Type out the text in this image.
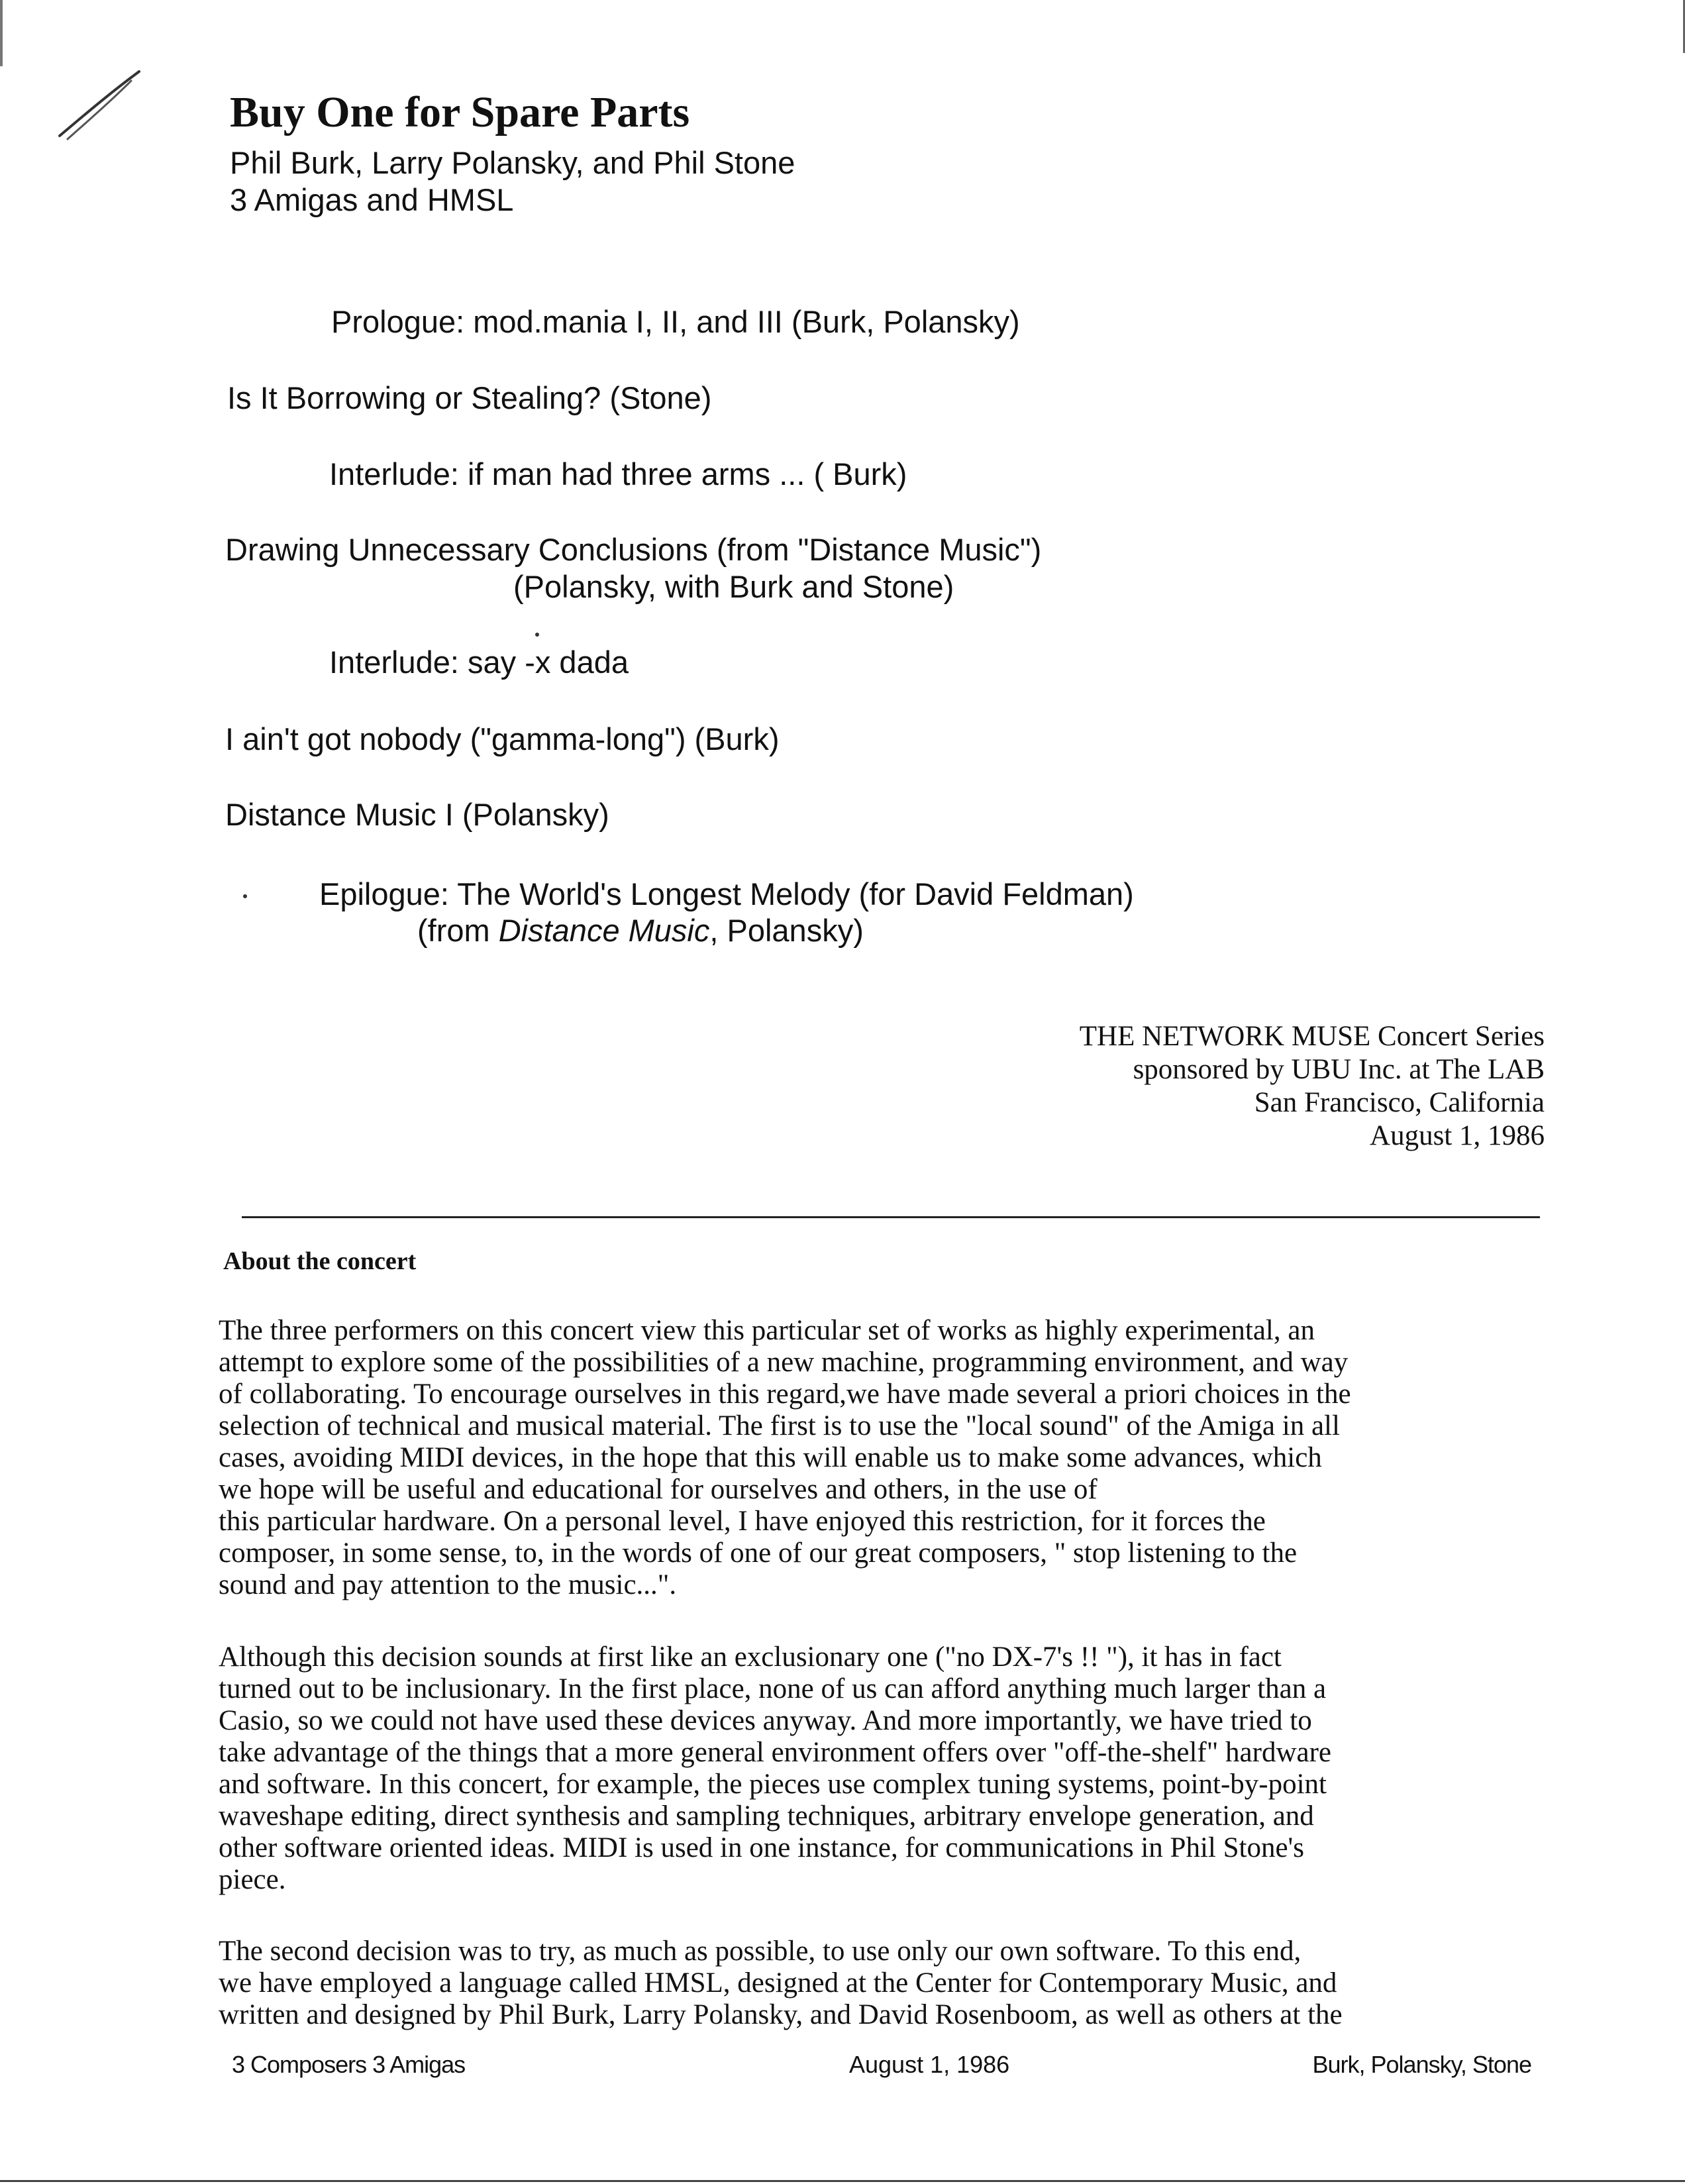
Buy One for Spare Parts
Phil Burk, Larry Polansky, and Phil Stone
3 Amigas and HMSL
Prologue: mod.mania I, II, and III (Burk, Polansky)
Is It Borrowing or Stealing? (Stone)
Interlude: if man had three arms ... ( Burk)
Drawing Unnecessary Conclusions (from "Distance Music")
(Polansky, with Burk and Stone)
Interlude: say -x dada
I ain't got nobody ("gamma-long") (Burk)
Distance Music I (Polansky)
Epilogue: The World's Longest Melody (for David Feldman)
(from Distance Music, Polansky)
THE NETWORK MUSE Concert Series
sponsored by UBU Inc. at The LAB
San Francisco, California
August 1, 1986
About the concert
The three performers on this concert view this particular set of works as highly experimental, an
attempt to explore some of the possibilities of a new machine, programming environment, and way
of collaborating. To encourage ourselves in this regard,we have made several a priori choices in the
selection of technical and musical material. The first is to use the "local sound" of the Amiga in all
cases, avoiding MIDI devices, in the hope that this will enable us to make some advances, which
we hope will be useful and educational for ourselves and others, in the use of
this particular hardware. On a personal level, I have enjoyed this restriction, for it forces the
composer, in some sense, to, in the words of one of our great composers, " stop listening to the
sound and pay attention to the music...".
Although this decision sounds at first like an exclusionary one ("no DX-7's !! "), it has in fact
turned out to be inclusionary. In the first place, none of us can afford anything much larger than a
Casio, so we could not have used these devices anyway. And more importantly, we have tried to
take advantage of the things that a more general environment offers over "off-the-shelf" hardware
and software. In this concert, for example, the pieces use complex tuning systems, point-by-point
waveshape editing, direct synthesis and sampling techniques, arbitrary envelope generation, and
other software oriented ideas. MIDI is used in one instance, for communications in Phil Stone's
piece.
The second decision was to try, as much as possible, to use only our own software. To this end,
we have employed a language called HMSL, designed at the Center for Contemporary Music, and
written and designed by Phil Burk, Larry Polansky, and David Rosenboom, as well as others at the
3 Composers 3 Amigas	August 1, 1986	Burk, Polansky, Stone
